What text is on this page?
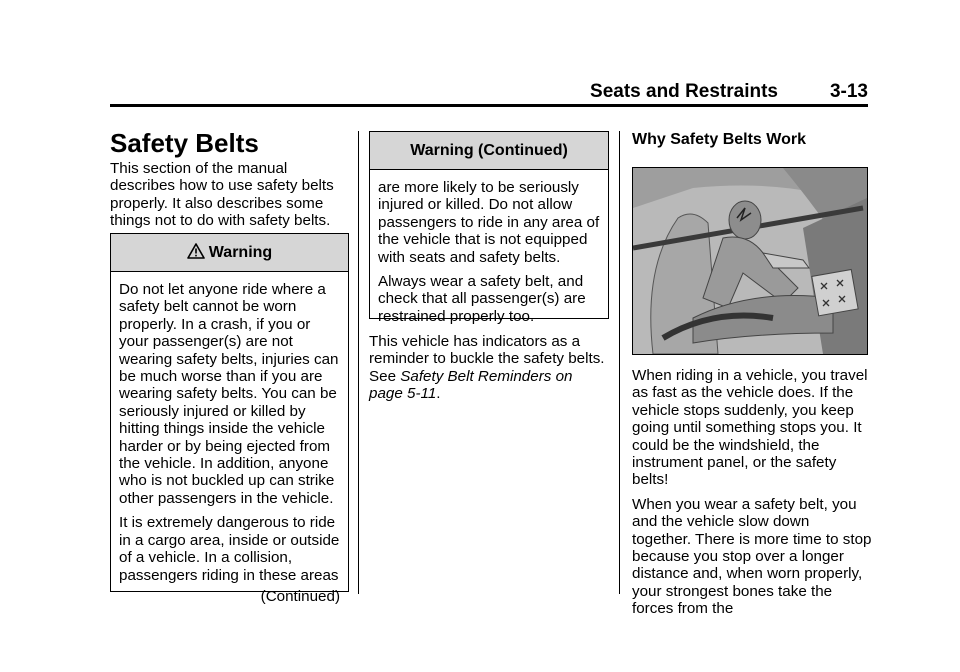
Seats and Restraints	3-13
Safety Belts
This section of the manual describes how to use safety belts properly. It also describes some things not to do with safety belts.
Warning

Do not let anyone ride where a safety belt cannot be worn properly. In a crash, if you or your passenger(s) are not wearing safety belts, injuries can be much worse than if you are wearing safety belts. You can be seriously injured or killed by hitting things inside the vehicle harder or by being ejected from the vehicle. In addition, anyone who is not buckled up can strike other passengers in the vehicle.

It is extremely dangerous to ride in a cargo area, inside or outside of a vehicle. In a collision, passengers riding in these areas

(Continued)
Warning (Continued)

are more likely to be seriously injured or killed. Do not allow passengers to ride in any area of the vehicle that is not equipped with seats and safety belts.

Always wear a safety belt, and check that all passenger(s) are restrained properly too.

This vehicle has indicators as a reminder to buckle the safety belts. See Safety Belt Reminders on page 5-11.
Why Safety Belts Work

When riding in a vehicle, you travel as fast as the vehicle does. If the vehicle stops suddenly, you keep going until something stops you. It could be the windshield, the instrument panel, or the safety belts!

When you wear a safety belt, you and the vehicle slow down together. There is more time to stop because you stop over a longer distance and, when worn properly, your strongest bones take the forces from the
